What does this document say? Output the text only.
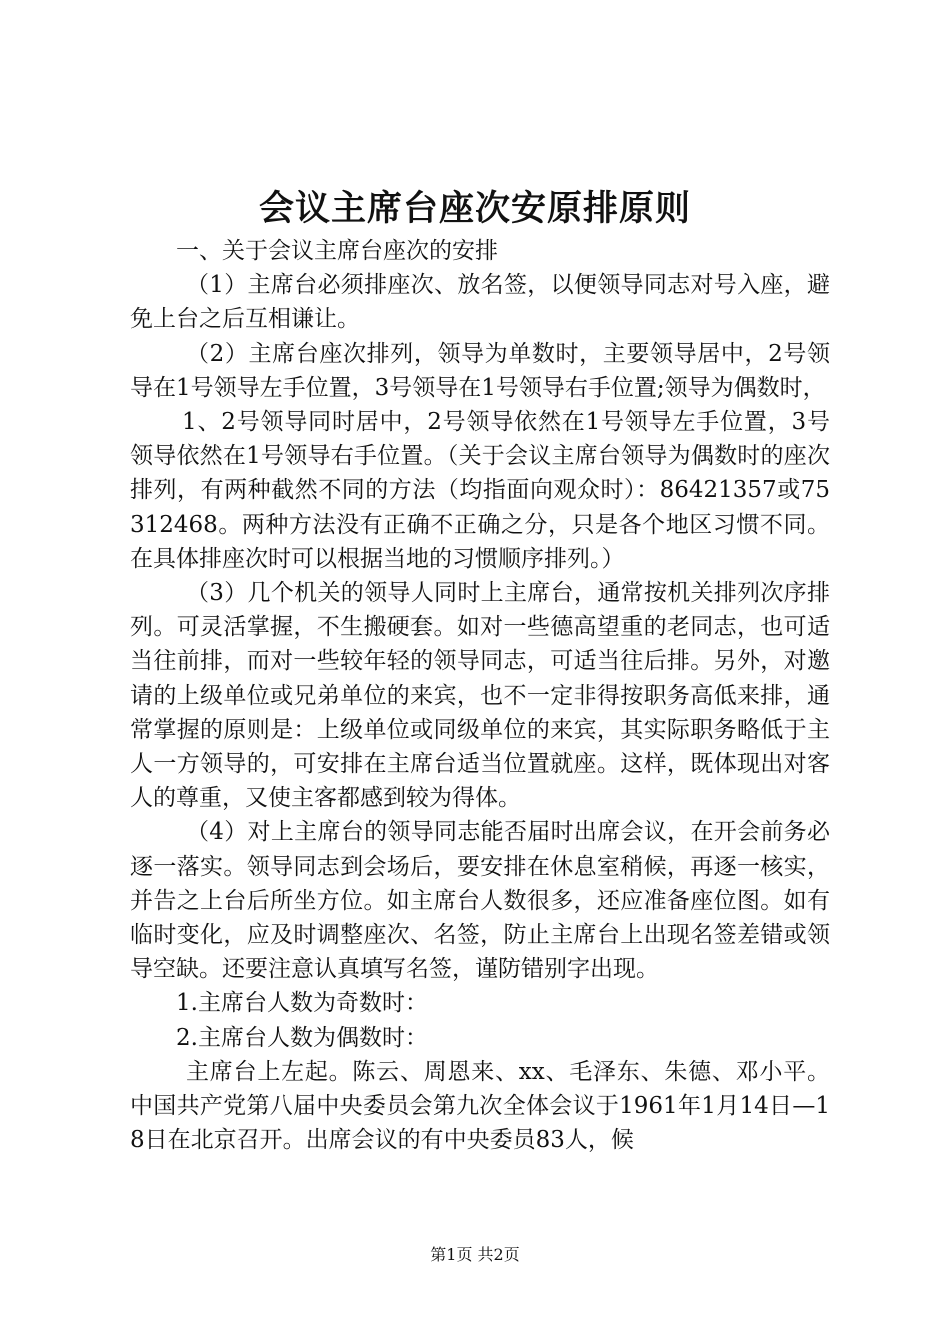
会议主席台座次安原排原则

一、关于会议主席台座次的安排

（1）主席台必须排座次、放名签，以便领导同志对号入座，避免上台之后互相谦让。

（2）主席台座次排列，领导为单数时，主要领导居中，2号领导在1号领导左手位置，3号领导在1号领导右手位置;领导为偶数时，

1、2号领导同时居中，2号领导依然在1号领导左手位置，3号领导依然在1号领导右手位置。（关于会议主席台领导为偶数时的座次排列，有两种截然不同的方法（均指面向观众时）：86421357或75312468。两种方法没有正确不正确之分，只是各个地区习惯不同。在具体排座次时可以根据当地的习惯顺序排列。）

（3）几个机关的领导人同时上主席台，通常按机关排列次序排列。可灵活掌握，不生搬硬套。如对一些德高望重的老同志，也可适当往前排，而对一些较年轻的领导同志，可适当往后排。另外，对邀请的上级单位或兄弟单位的来宾，也不一定非得按职务高低来排，通常掌握的原则是：上级单位或同级单位的来宾，其实际职务略低于主人一方领导的，可安排在主席台适当位置就座。这样，既体现出对客人的尊重，又使主客都感到较为得体。

（4）对上主席台的领导同志能否届时出席会议，在开会前务必逐一落实。领导同志到会场后，要安排在休息室稍候，再逐一核实，并告之上台后所坐方位。如主席台人数很多，还应准备座位图。如有临时变化，应及时调整座次、名签，防止主席台上出现名签差错或领导空缺。还要注意认真填写名签，谨防错别字出现。

1.主席台人数为奇数时：

2.主席台人数为偶数时：

主席台上左起。陈云、周恩来、xx、毛泽东、朱德、邓小平。中国共产党第八届中央委员会第九次全体会议于1961年1月14日—18日在北京召开。出席会议的有中央委员83人，候

第1页 共2页
